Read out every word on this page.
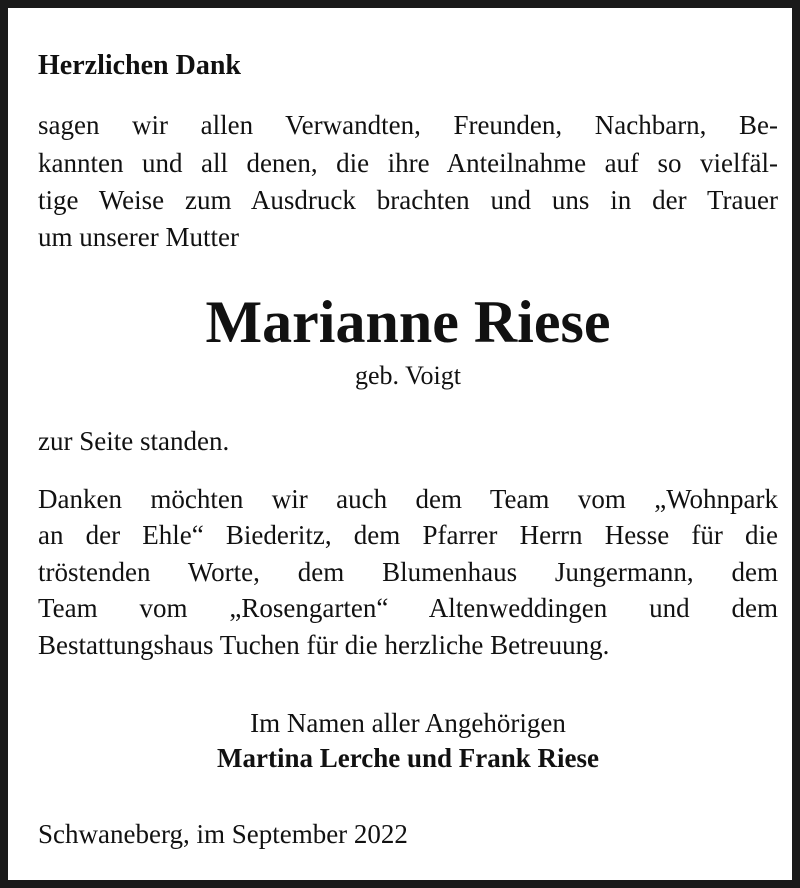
Herzlichen Dank

sagen wir allen Verwandten, Freunden, Nachbarn, Be-

kannten und all denen, die ihre Anteilnahme auf so vielfäl-

tige Weise zum Ausdruck brachten und uns in der Trauer

um unserer Mutter

Marianne Riese

geb. Voigt

zur Seite standen.

Danken möchten wir auch dem Team vom „Wohnpark

an der Ehle“ Biederitz, dem Pfarrer Herrn Hesse für die

tröstenden Worte, dem Blumenhaus Jungermann, dem

Team vom „Rosengarten“ Altenweddingen und dem

Bestattungshaus Tuchen für die herzliche Betreuung.

Im Namen aller Angehörigen

Martina Lerche und Frank Riese

Schwaneberg, im September 2022
